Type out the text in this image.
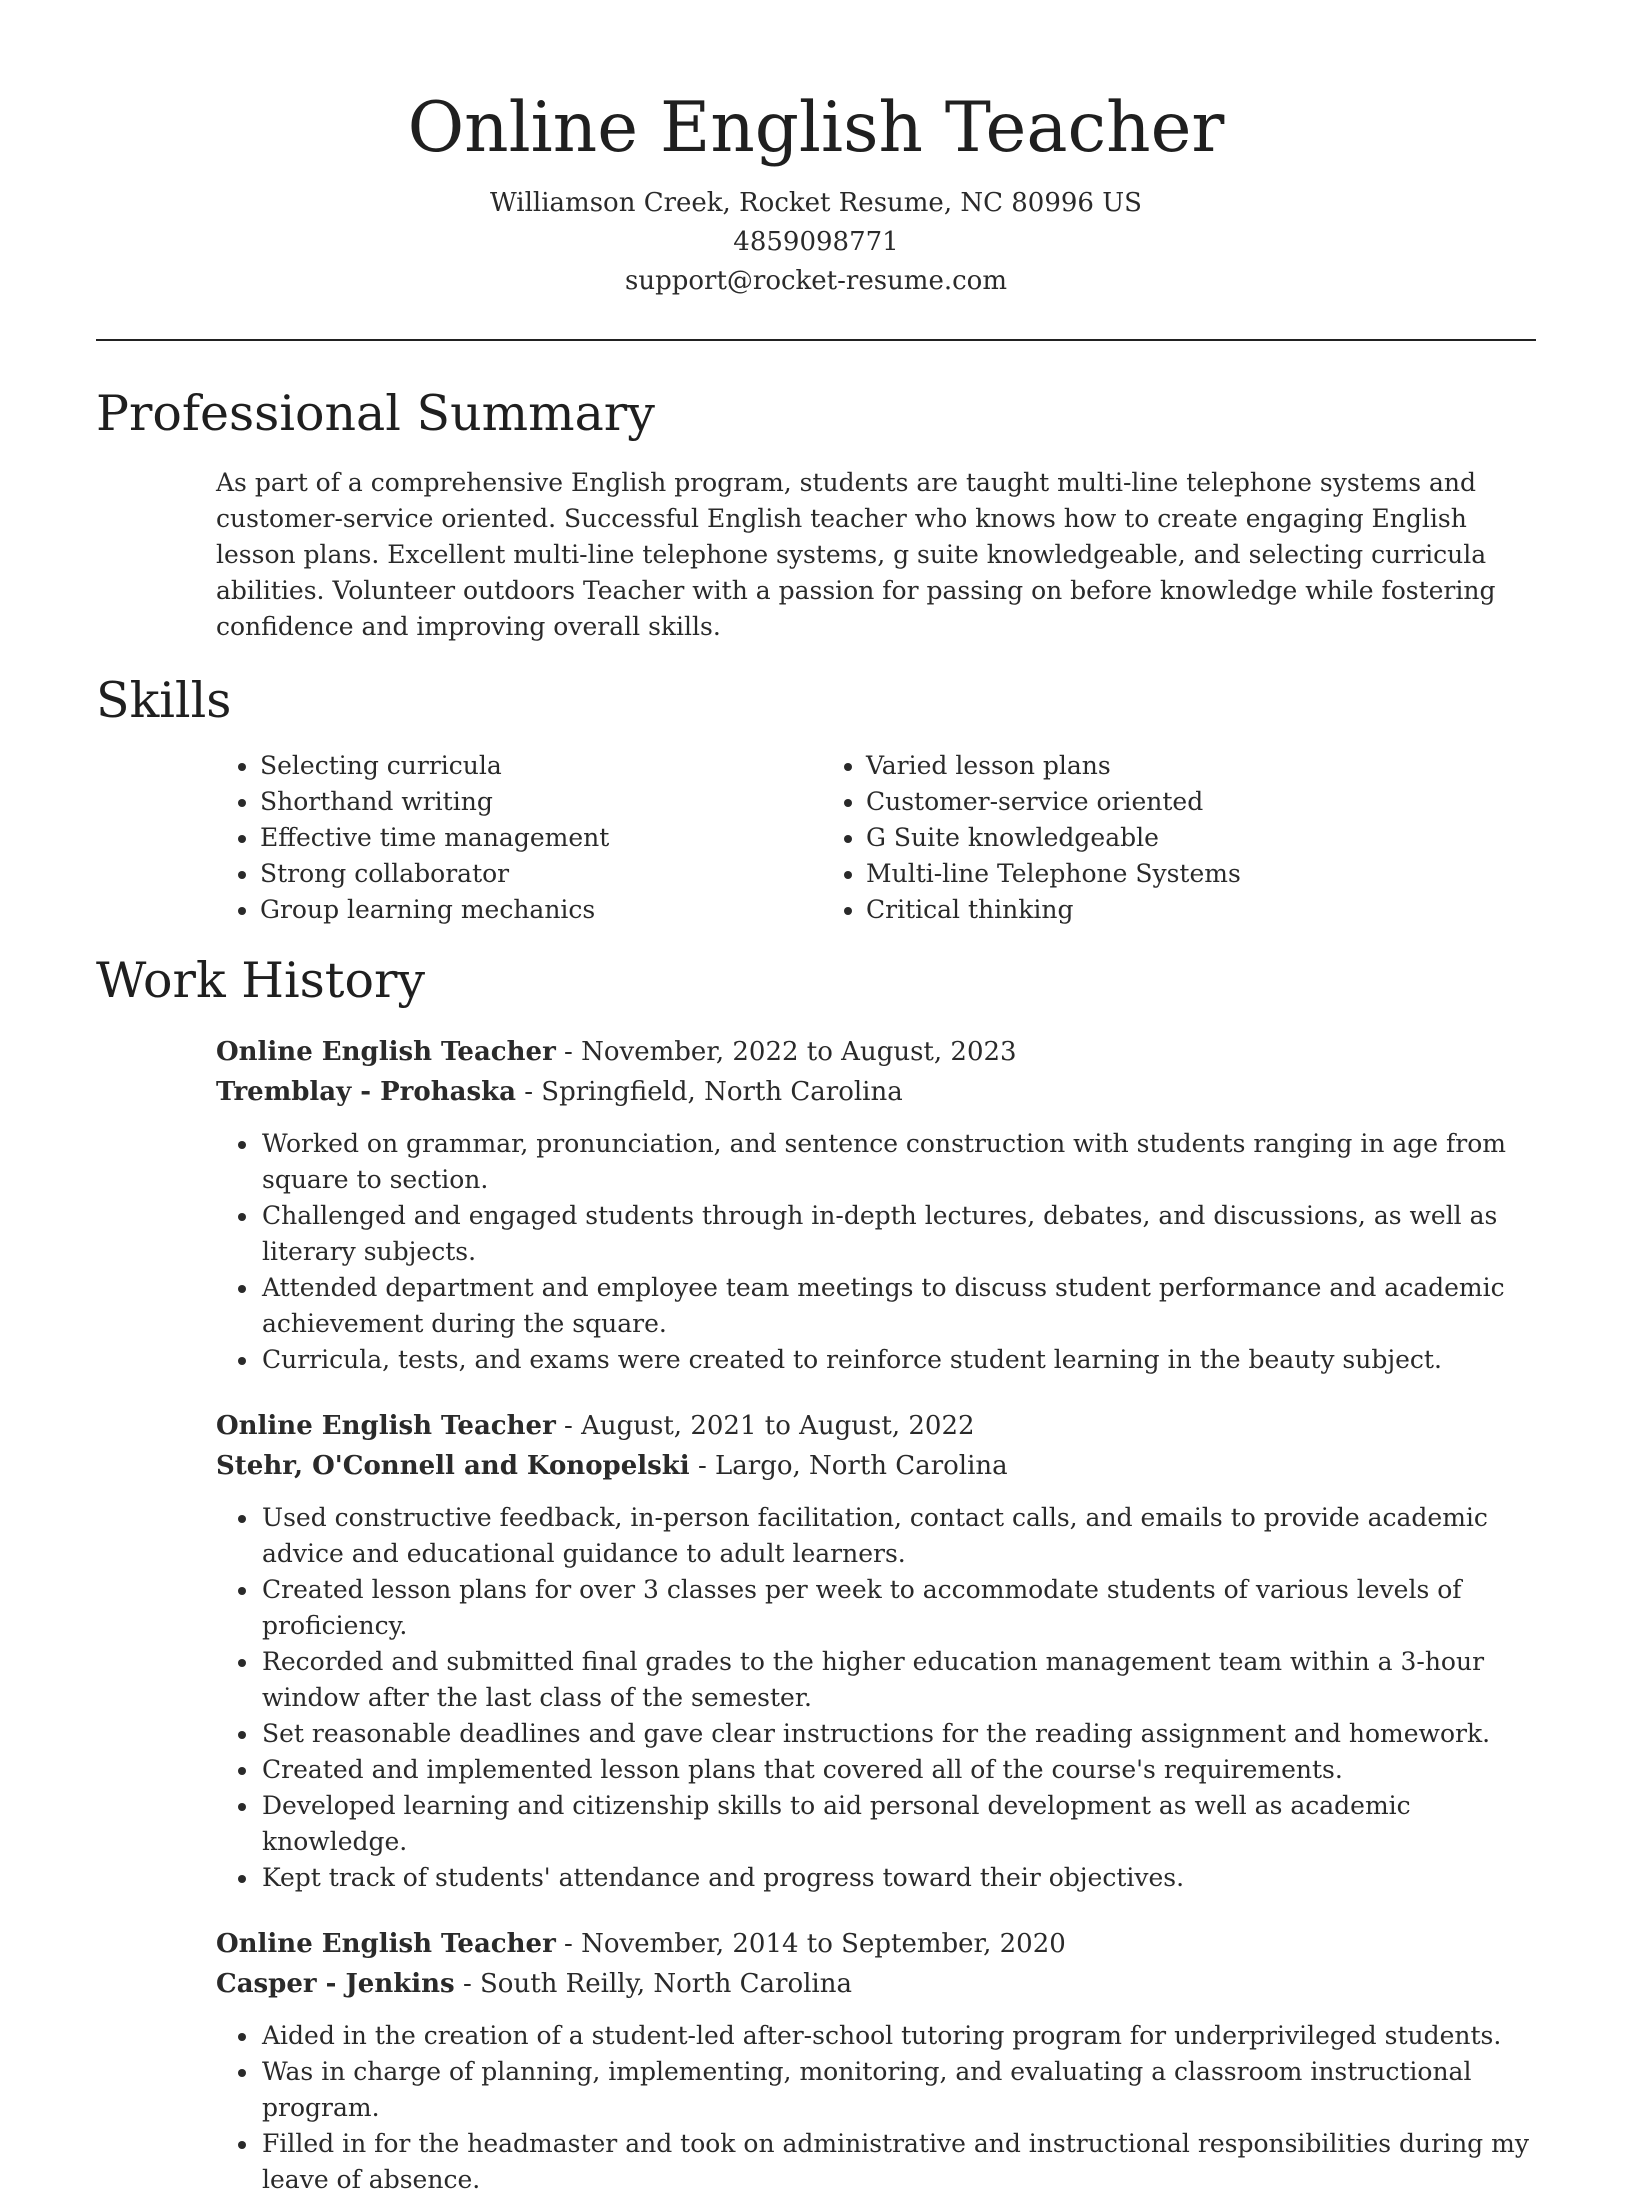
Online English Teacher
Williamson Creek, Rocket Resume, NC 80996 US
4859098771
support@rocket-resume.com
Professional Summary

As part of a comprehensive English program, students are taught multi-line telephone systems and customer-service oriented. Successful English teacher who knows how to create engaging English lesson plans. Excellent multi-line telephone systems, g suite knowledgeable, and selecting curricula abilities. Volunteer outdoors Teacher with a passion for passing on before knowledge while fostering confidence and improving overall skills.

Skills
• Selecting curricula
• Shorthand writing
• Effective time management
• Strong collaborator
• Group learning mechanics
• Varied lesson plans
• Customer-service oriented
• G Suite knowledgeable
• Multi-line Telephone Systems
• Critical thinking
Work History
Online English Teacher - November, 2022 to August, 2023
Tremblay - Prohaska - Springfield, North Carolina
• Worked on grammar, pronunciation, and sentence construction with students ranging in age from square to section.
• Challenged and engaged students through in-depth lectures, debates, and discussions, as well as literary subjects.
• Attended department and employee team meetings to discuss student performance and academic achievement during the square.
• Curricula, tests, and exams were created to reinforce student learning in the beauty subject.
Online English Teacher - August, 2021 to August, 2022
Stehr, O'Connell and Konopelski - Largo, North Carolina
• Used constructive feedback, in-person facilitation, contact calls, and emails to provide academic advice and educational guidance to adult learners.
• Created lesson plans for over 3 classes per week to accommodate students of various levels of proficiency.
• Recorded and submitted final grades to the higher education management team within a 3-hour window after the last class of the semester.
• Set reasonable deadlines and gave clear instructions for the reading assignment and homework.
• Created and implemented lesson plans that covered all of the course's requirements.
• Developed learning and citizenship skills to aid personal development as well as academic knowledge.
• Kept track of students' attendance and progress toward their objectives.
Online English Teacher - November, 2014 to September, 2020
Casper - Jenkins - South Reilly, North Carolina
• Aided in the creation of a student-led after-school tutoring program for underprivileged students.
• Was in charge of planning, implementing, monitoring, and evaluating a classroom instructional program.
• Filled in for the headmaster and took on administrative and instructional responsibilities during my leave of absence.
